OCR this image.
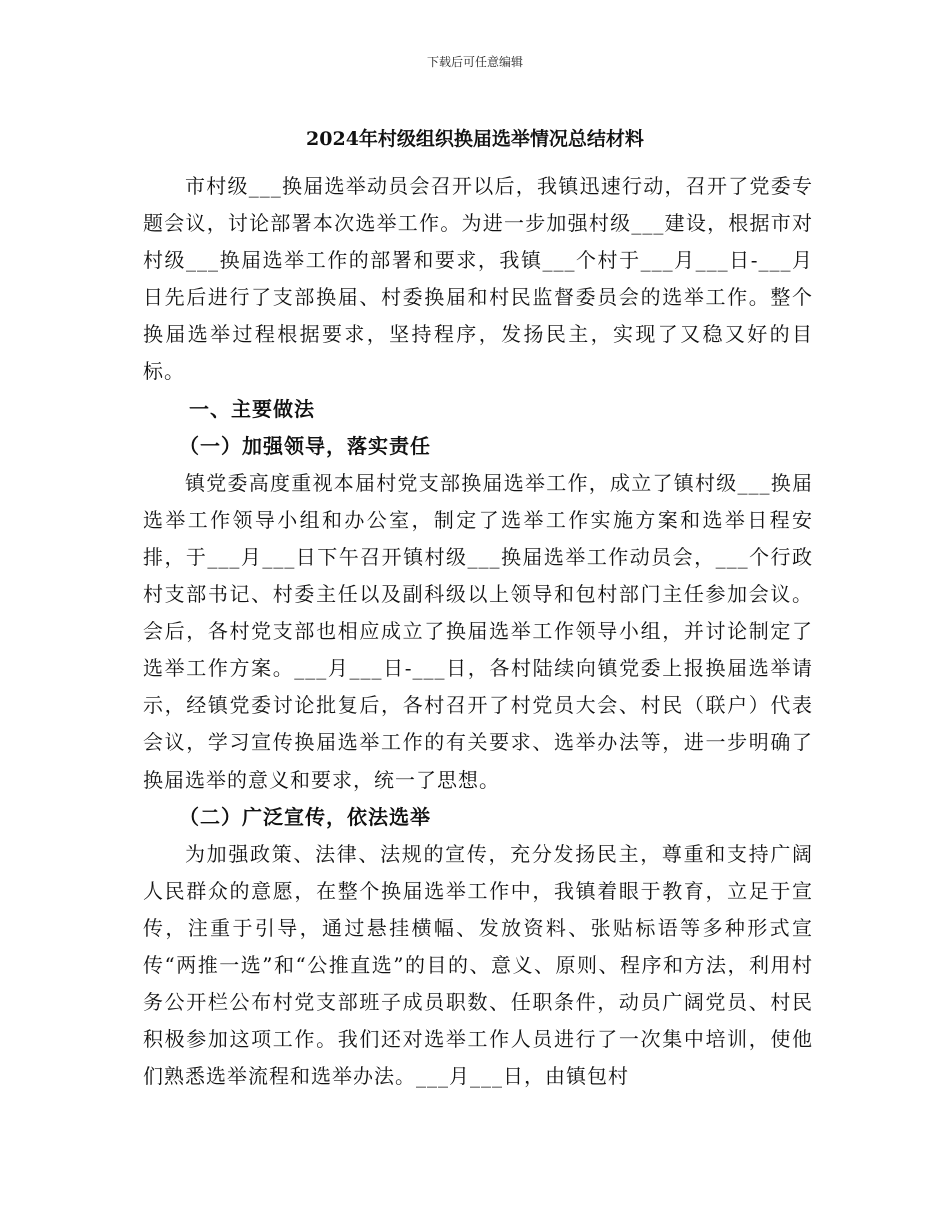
下载后可任意编辑
2024年村级组织换届选举情况总结材料

市村级___换届选举动员会召开以后，我镇迅速行动，召开了党委专题会议，讨论部署本次选举工作。为进一步加强村级___建设，根据市对村级___换届选举工作的部署和要求，我镇___个村于___月___日-___月日先后进行了支部换届、村委换届和村民监督委员会的选举工作。整个换届选举过程根据要求，坚持程序，发扬民主，实现了又稳又好的目标。

一、主要做法

（一）加强领导，落实责任

镇党委高度重视本届村党支部换届选举工作，成立了镇村级___换届选举工作领导小组和办公室，制定了选举工作实施方案和选举日程安排，于___月___日下午召开镇村级___换届选举工作动员会，___个行政村支部书记、村委主任以及副科级以上领导和包村部门主任参加会议。会后，各村党支部也相应成立了换届选举工作领导小组，并讨论制定了选举工作方案。___月___日-___日，各村陆续向镇党委上报换届选举请示，经镇党委讨论批复后，各村召开了村党员大会、村民（联户）代表会议，学习宣传换届选举工作的有关要求、选举办法等，进一步明确了换届选举的意义和要求，统一了思想。

（二）广泛宣传，依法选举

为加强政策、法律、法规的宣传，充分发扬民主，尊重和支持广阔人民群众的意愿，在整个换届选举工作中，我镇着眼于教育，立足于宣传，注重于引导，通过悬挂横幅、发放资料、张贴标语等多种形式宣传“两推一选”和“公推直选”的目的、意义、原则、程序和方法，利用村务公开栏公布村党支部班子成员职数、任职条件，动员广阔党员、村民积极参加这项工作。我们还对选举工作人员进行了一次集中培训，使他们熟悉选举流程和选举办法。___月___日，由镇包村
